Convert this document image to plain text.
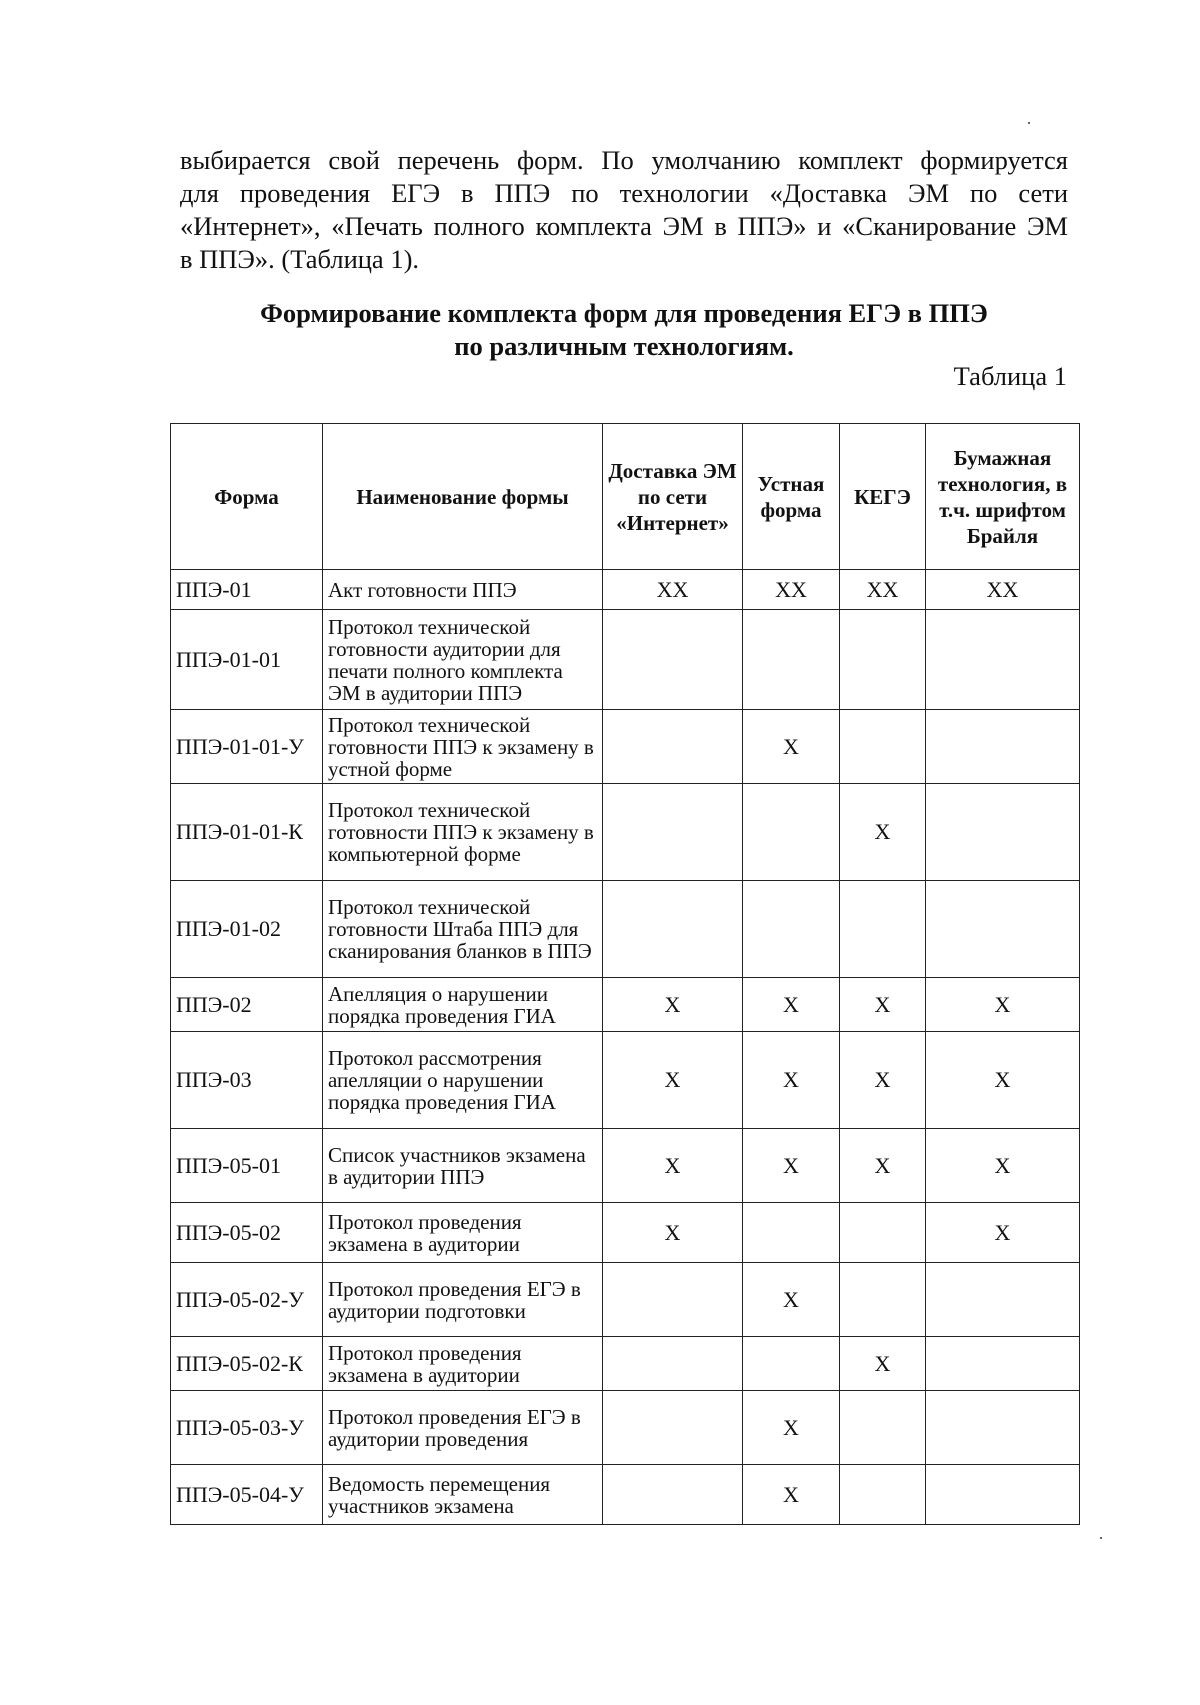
выбирается свой перечень форм. По умолчанию комплект формируется
для проведения ЕГЭ в ППЭ по технологии «Доставка ЭМ по сети
«Интернет», «Печать полного комплекта ЭМ в ППЭ» и «Сканирование ЭМ
в ППЭ». (Таблица 1).
Формирование комплекта форм для проведения ЕГЭ в ППЭ
по различным технологиям.
Таблица 1
Форма	Наименование формы	Доставка ЭМ по сети «Интернет»	Устная форма	КЕГЭ	Бумажная технология, в т.ч. шрифтом Брайля
ППЭ-01	Акт готовности ППЭ	XX	XX	XX	XX
ППЭ-01-01	Протокол технической готовности аудитории для печати полного комплекта ЭМ в аудитории ППЭ				
ППЭ-01-01-У	Протокол технической готовности ППЭ к экзамену в устной форме		X		
ППЭ-01-01-К	Протокол технической готовности ППЭ к экзамену в компьютерной форме			X	
ППЭ-01-02	Протокол технической готовности Штаба ППЭ для сканирования бланков в ППЭ				
ППЭ-02	Апелляция о нарушении порядка проведения ГИА	X	X	X	X
ППЭ-03	Протокол рассмотрения апелляции о нарушении порядка проведения ГИА	X	X	X	X
ППЭ-05-01	Список участников экзамена в аудитории ППЭ	X	X	X	X
ППЭ-05-02	Протокол проведения экзамена в аудитории	X			X
ППЭ-05-02-У	Протокол проведения ЕГЭ в аудитории подготовки		X		
ППЭ-05-02-К	Протокол проведения экзамена в аудитории			X	
ППЭ-05-03-У	Протокол проведения ЕГЭ в аудитории проведения		X		
ППЭ-05-04-У	Ведомость перемещения участников экзамена		X		
